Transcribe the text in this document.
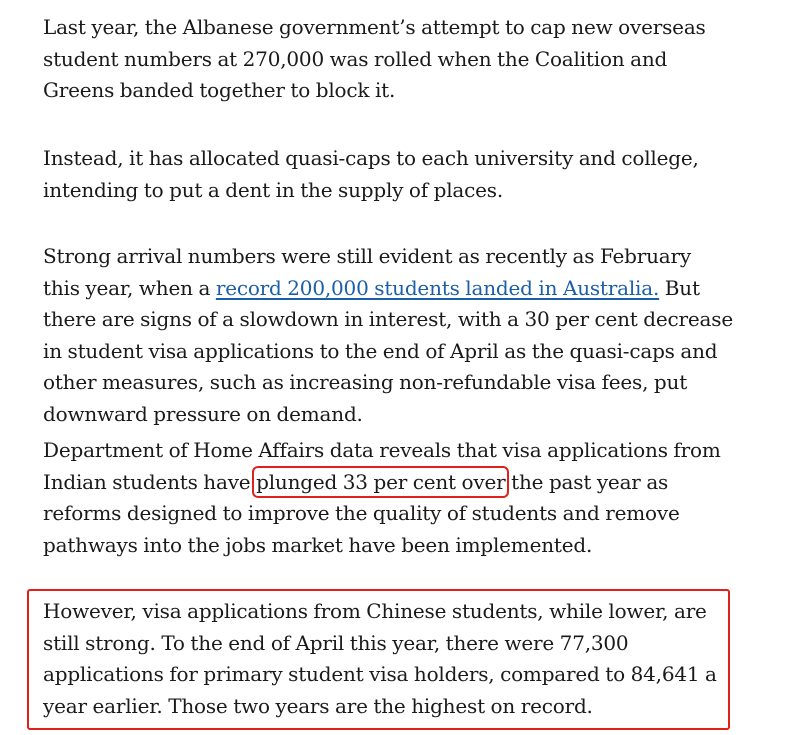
Last year, the Albanese government’s attempt to cap new overseas student numbers at 270,000 was rolled when the Coalition and Greens banded together to block it.

Instead, it has allocated quasi-caps to each university and college, intending to put a dent in the supply of places.

Strong arrival numbers were still evident as recently as February this year, when a record 200,000 students landed in Australia. But there are signs of a slowdown in interest, with a 30 per cent decrease in student visa applications to the end of April as the quasi-caps and other measures, such as increasing non-refundable visa fees, put downward pressure on demand.

Department of Home Affairs data reveals that visa applications from Indian students have plunged 33 per cent over the past year as reforms designed to improve the quality of students and remove pathways into the jobs market have been implemented.

However, visa applications from Chinese students, while lower, are still strong. To the end of April this year, there were 77,300 applications for primary student visa holders, compared to 84,641 a year earlier. Those two years are the highest on record.
